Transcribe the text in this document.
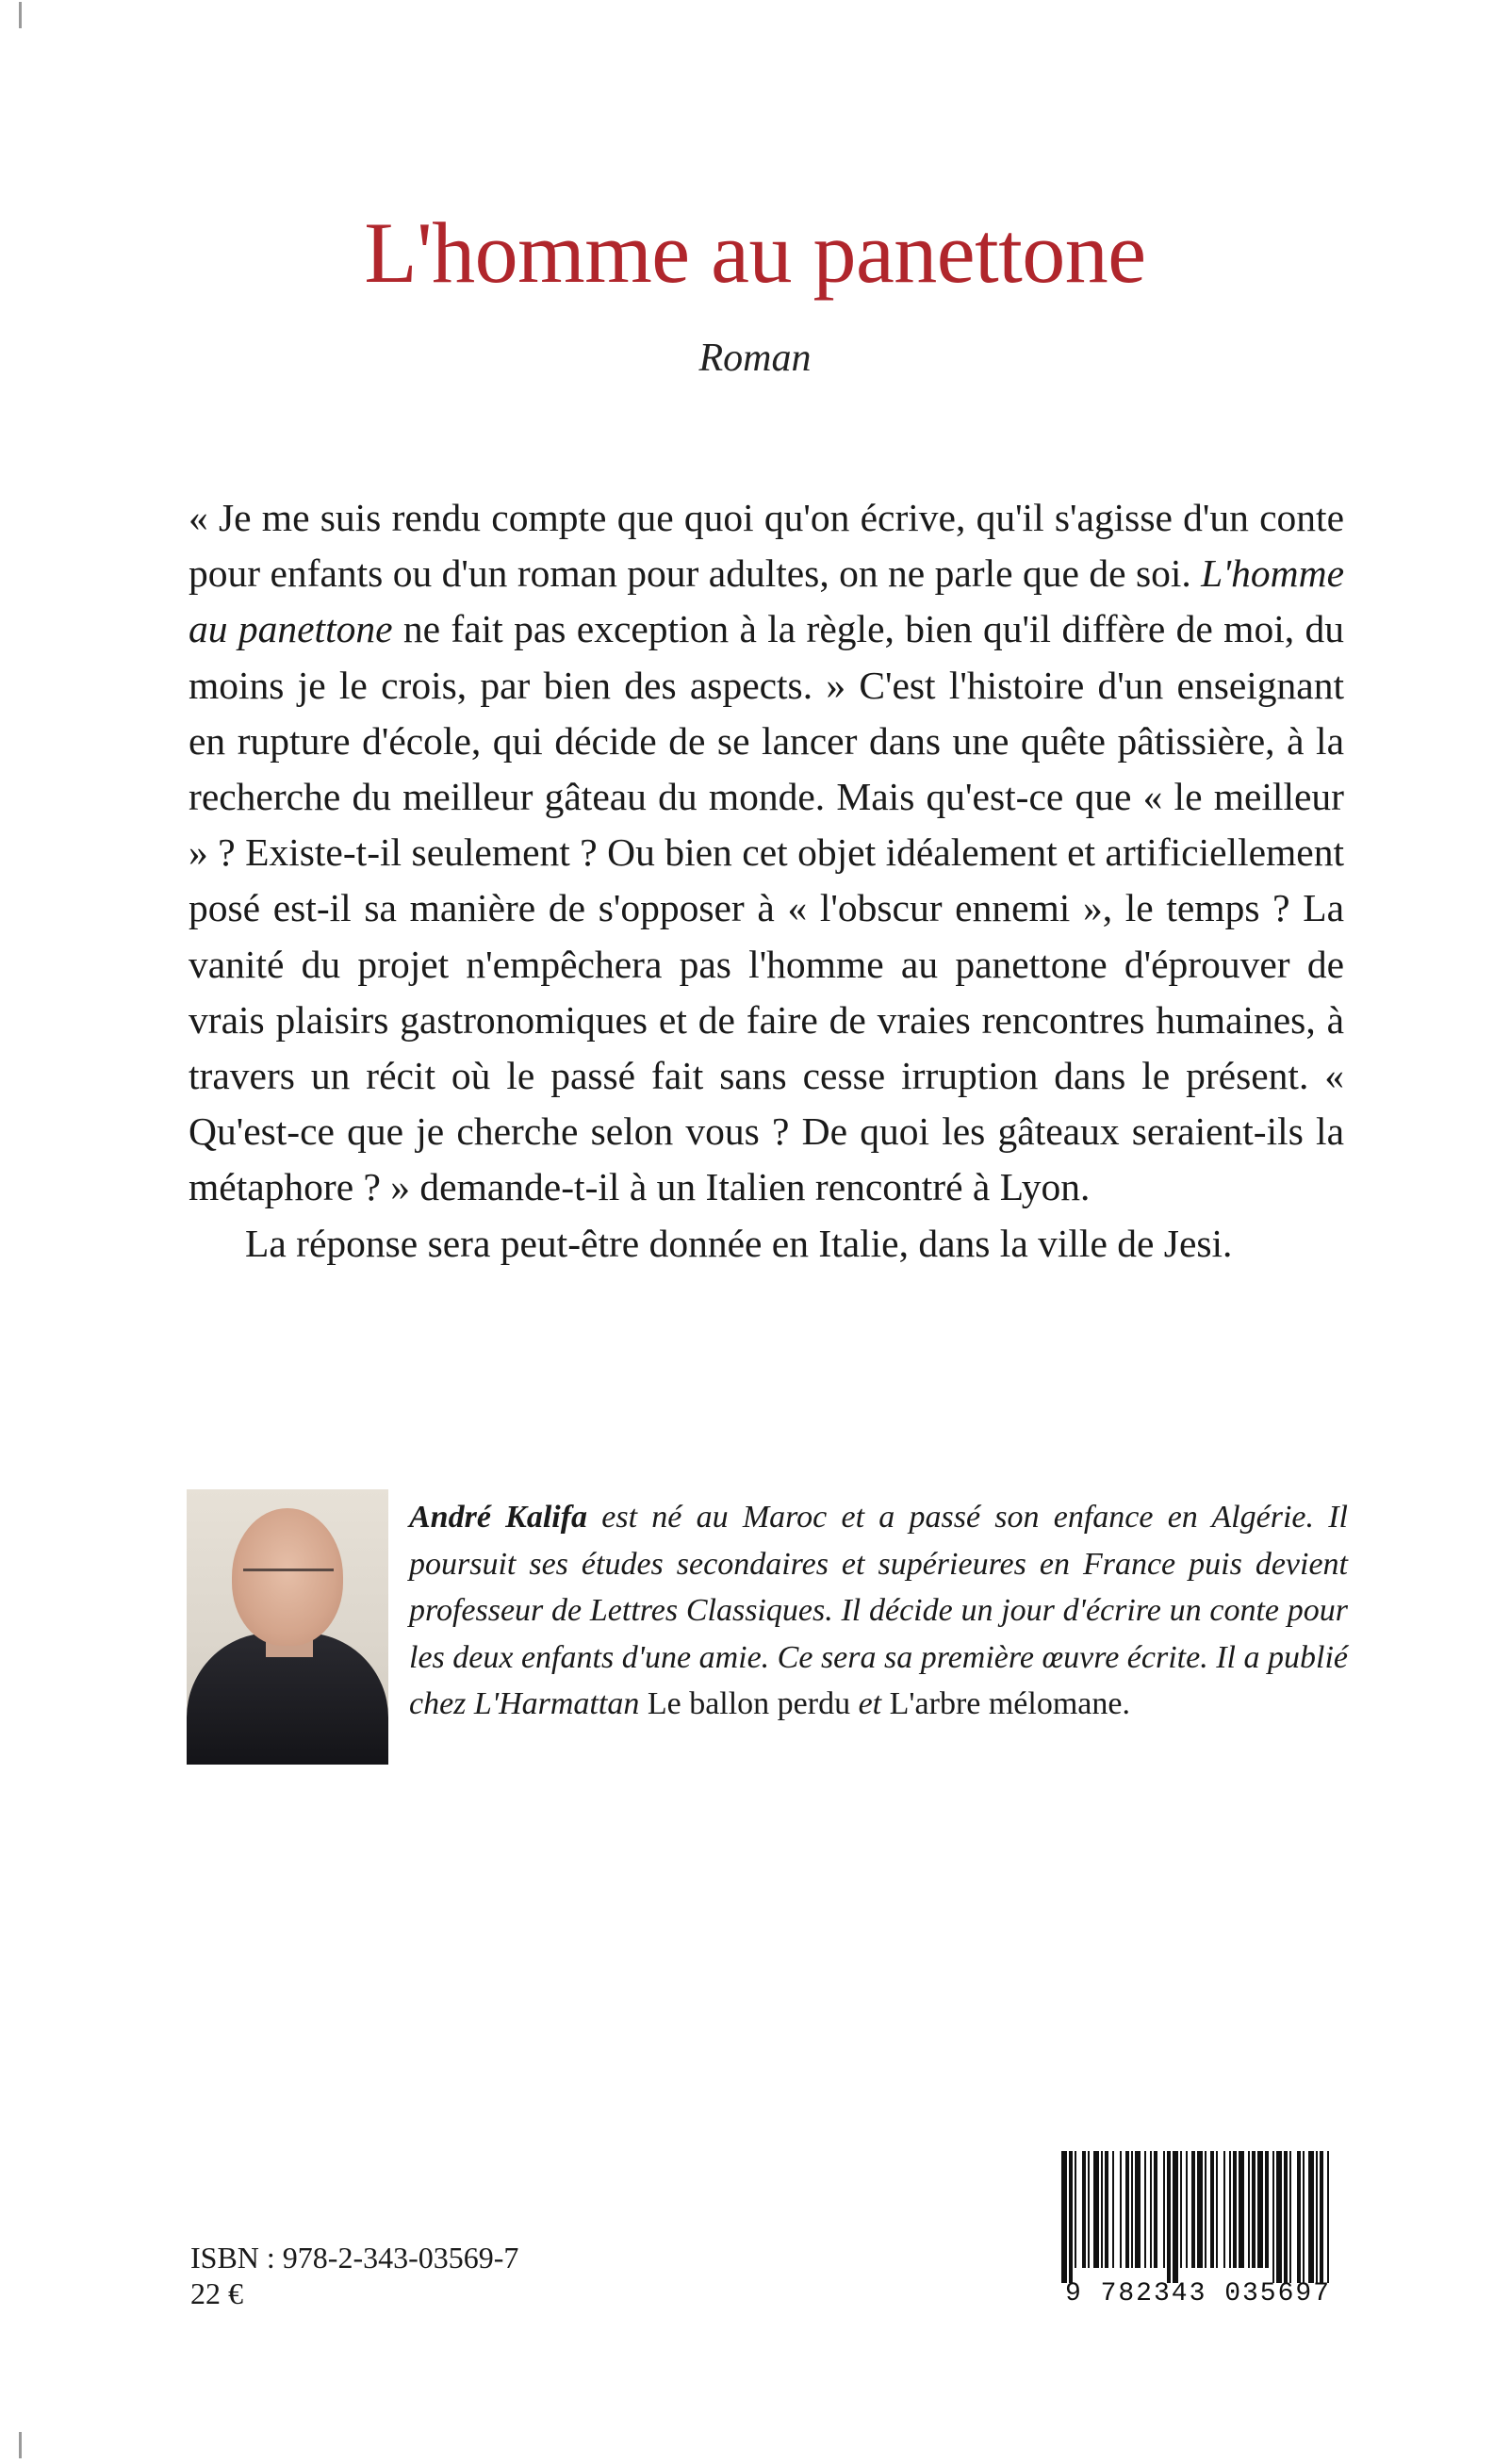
L'homme au panettone
Roman

« Je me suis rendu compte que quoi qu'on écrive, qu'il s'agisse d'un conte pour enfants ou d'un roman pour adultes, on ne parle que de soi. L'homme au panettone ne fait pas exception à la règle, bien qu'il diffère de moi, du moins je le crois, par bien des aspects. » C'est l'histoire d'un enseignant en rupture d'école, qui décide de se lancer dans une quête pâtissière, à la recherche du meilleur gâteau du monde. Mais qu'est-ce que « le meilleur » ? Existe-t-il seulement ? Ou bien cet objet idéalement et artificiellement posé est-il sa manière de s'opposer à « l'obscur ennemi », le temps ? La vanité du projet n'empêchera pas l'homme au panettone d'éprouver de vrais plaisirs gastronomiques et de faire de vraies rencontres humaines, à travers un récit où le passé fait sans cesse irruption dans le présent. « Qu'est-ce que je cherche selon vous ? De quoi les gâteaux seraient-ils la métaphore ? » demande-t-il à un Italien rencontré à Lyon.

La réponse sera peut-être donnée en Italie, dans la ville de Jesi.

André Kalifa est né au Maroc et a passé son enfance en Algérie. Il poursuit ses études secondaires et supérieures en France puis devient professeur de Lettres Classiques. Il décide un jour d'écrire un conte pour les deux enfants d'une amie. Ce sera sa première œuvre écrite. Il a publié chez L'Harmattan Le ballon perdu et L'arbre mélomane.
ISBN : 978-2-343-03569-7
22 €	9 782343 035697
